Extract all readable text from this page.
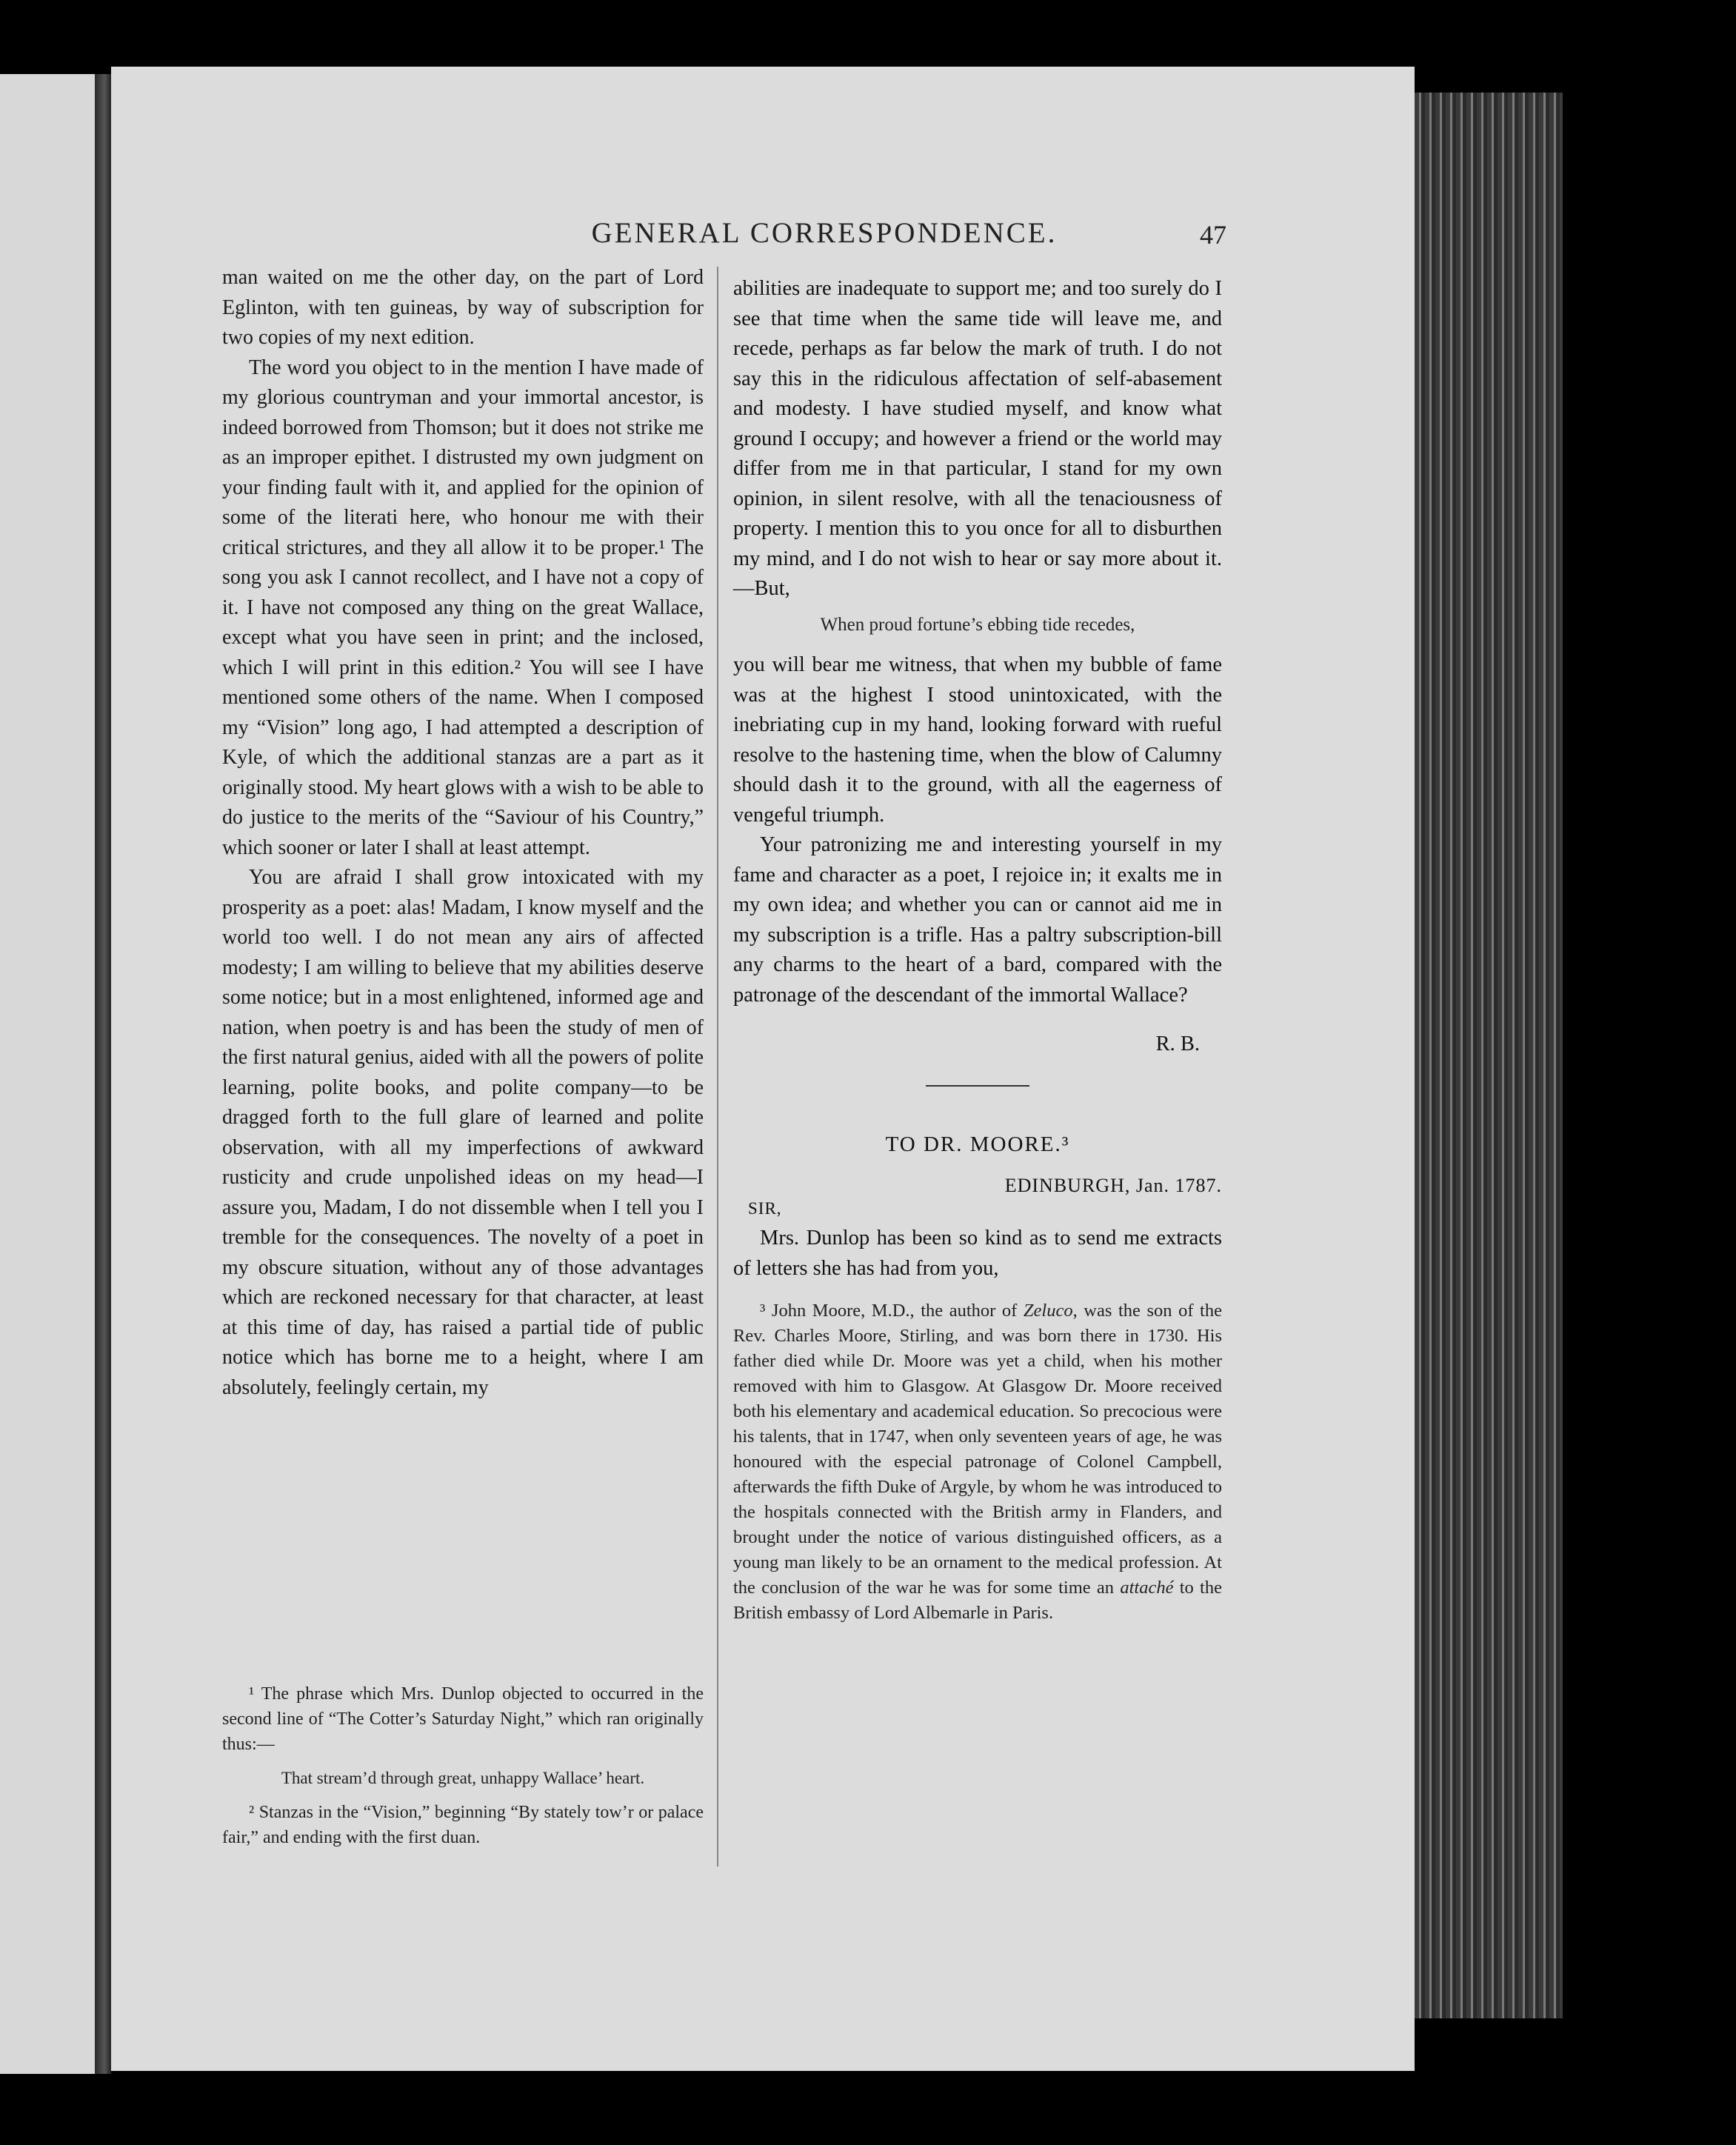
GENERAL CORRESPONDENCE.	47

man waited on me the other day, on the part of Lord Eglinton, with ten guineas, by way of subscription for two copies of my next edition.

The word you object to in the mention I have made of my glorious countryman and your immortal ancestor, is indeed borrowed from Thomson; but it does not strike me as an improper epithet. I distrusted my own judgment on your finding fault with it, and applied for the opinion of some of the literati here, who honour me with their critical strictures, and they all allow it to be proper.¹ The song you ask I cannot recollect, and I have not a copy of it. I have not composed any thing on the great Wallace, except what you have seen in print; and the inclosed, which I will print in this edition.² You will see I have mentioned some others of the name. When I composed my “Vision” long ago, I had attempted a description of Kyle, of which the additional stanzas are a part as it originally stood. My heart glows with a wish to be able to do justice to the merits of the “Saviour of his Country,” which sooner or later I shall at least attempt.

You are afraid I shall grow intoxicated with my prosperity as a poet: alas! Madam, I know myself and the world too well. I do not mean any airs of affected modesty; I am willing to believe that my abilities deserve some notice; but in a most enlightened, informed age and nation, when poetry is and has been the study of men of the first natural genius, aided with all the powers of polite learning, polite books, and polite company—to be dragged forth to the full glare of learned and polite observation, with all my imperfections of awkward rusticity and crude unpolished ideas on my head—I assure you, Madam, I do not dissemble when I tell you I tremble for the consequences. The novelty of a poet in my obscure situation, without any of those advantages which are reckoned necessary for that character, at least at this time of day, has raised a partial tide of public notice which has borne me to a height, where I am absolutely, feelingly certain, my

¹ The phrase which Mrs. Dunlop objected to occurred in the second line of “The Cotter’s Saturday Night,” which ran originally thus:—

That stream’d through great, unhappy Wallace’ heart.

² Stanzas in the “Vision,” beginning “By stately tow’r or palace fair,” and ending with the first duan.

abilities are inadequate to support me; and too surely do I see that time when the same tide will leave me, and recede, perhaps as far below the mark of truth. I do not say this in the ridiculous affectation of self-abasement and modesty. I have studied myself, and know what ground I occupy; and however a friend or the world may differ from me in that particular, I stand for my own opinion, in silent resolve, with all the tenaciousness of property. I mention this to you once for all to disburthen my mind, and I do not wish to hear or say more about it.—But,

When proud fortune’s ebbing tide recedes,

you will bear me witness, that when my bubble of fame was at the highest I stood unintoxicated, with the inebriating cup in my hand, looking forward with rueful resolve to the hastening time, when the blow of Calumny should dash it to the ground, with all the eagerness of vengeful triumph.

Your patronizing me and interesting yourself in my fame and character as a poet, I rejoice in; it exalts me in my own idea; and whether you can or cannot aid me in my subscription is a trifle. Has a paltry subscription-bill any charms to the heart of a bard, compared with the patronage of the descendant of the immortal Wallace?

R. B.

TO DR. MOORE.³

EDINBURGH, Jan. 1787.

SIR,

Mrs. Dunlop has been so kind as to send me extracts of letters she has had from you,

³ John Moore, M.D., the author of Zeluco, was the son of the Rev. Charles Moore, Stirling, and was born there in 1730. His father died while Dr. Moore was yet a child, when his mother removed with him to Glasgow. At Glasgow Dr. Moore received both his elementary and academical education. So precocious were his talents, that in 1747, when only seventeen years of age, he was honoured with the especial patronage of Colonel Campbell, afterwards the fifth Duke of Argyle, by whom he was introduced to the hospitals connected with the British army in Flanders, and brought under the notice of various distinguished officers, as a young man likely to be an ornament to the medical profession. At the conclusion of the war he was for some time an attaché to the British embassy of Lord Albemarle in Paris.
